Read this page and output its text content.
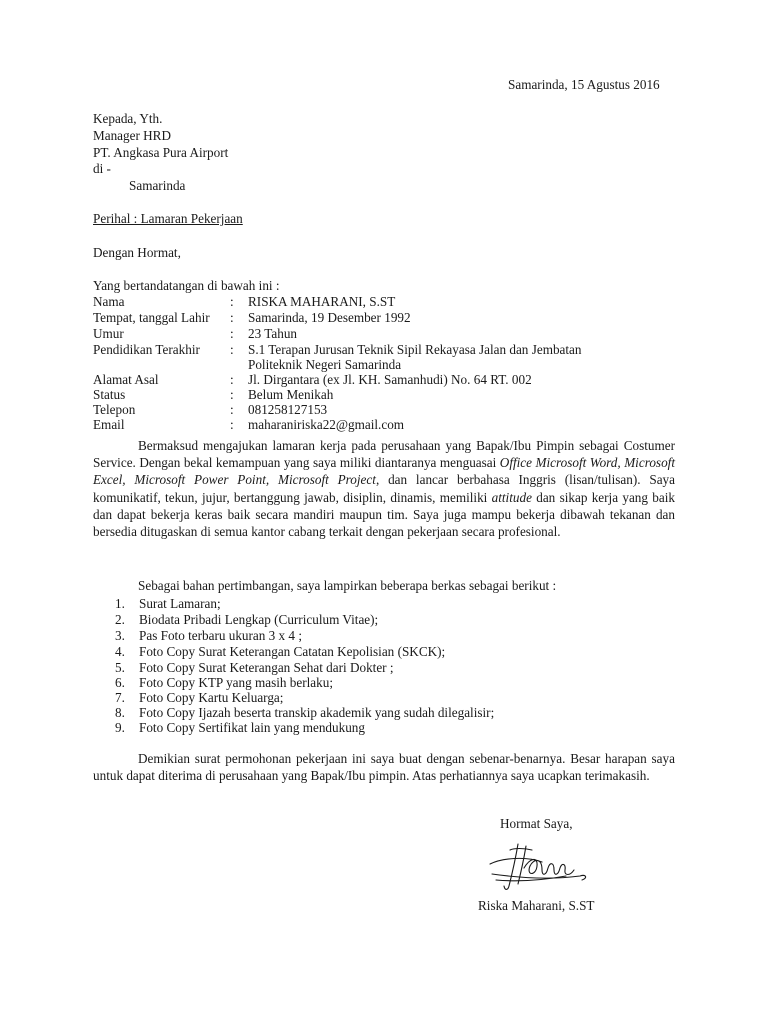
Samarinda, 15 Agustus 2016
Kepada, Yth.
Manager HRD
PT. Angkasa Pura Airport
di -
Samarinda
Perihal : Lamaran Pekerjaan
Dengan Hormat,
Yang bertandatangan di bawah ini :
Nama	: RISKA MAHARANI, S.ST
Tempat, tanggal Lahir : Samarinda, 19 Desember 1992
Umur	: 23 Tahun
Pendidikan Terakhir : S.1 Terapan Jurusan Teknik Sipil Rekayasa Jalan dan Jembatan
Politeknik Negeri Samarinda
Alamat Asal	: Jl. Dirgantara (ex Jl. KH. Samanhudi) No. 64 RT. 002
Status	: Belum Menikah
Telepon	: 081258127153
Email	: maharaniriska22@gmail.com
Bermaksud mengajukan lamaran kerja pada perusahaan yang Bapak/Ibu Pimpin sebagai Costumer Service. Dengan bekal kemampuan yang saya miliki diantaranya menguasai Office Microsoft Word, Microsoft Excel, Microsoft Power Point, Microsoft Project, dan lancar berbahasa Inggris (lisan/tulisan). Saya komunikatif, tekun, jujur, bertanggung jawab, disiplin, dinamis, memiliki attitude dan sikap kerja yang baik dan dapat bekerja keras baik secara mandiri maupun tim. Saya juga mampu bekerja dibawah tekanan dan bersedia ditugaskan di semua kantor cabang terkait dengan pekerjaan secara profesional.
Sebagai bahan pertimbangan, saya lampirkan beberapa berkas sebagai berikut :
1. Surat Lamaran;
2. Biodata Pribadi Lengkap (Curriculum Vitae);
3. Pas Foto terbaru ukuran 3 x 4 ;
4. Foto Copy Surat Keterangan Catatan Kepolisian (SKCK);
5. Foto Copy Surat Keterangan Sehat dari Dokter ;
6. Foto Copy KTP yang masih berlaku;
7. Foto Copy Kartu Keluarga;
8. Foto Copy Ijazah beserta transkip akademik yang sudah dilegalisir;
9. Foto Copy Sertifikat lain yang mendukung
Demikian surat permohonan pekerjaan ini saya buat dengan sebenar-benarnya. Besar harapan saya untuk dapat diterima di perusahaan yang Bapak/Ibu pimpin. Atas perhatiannya saya ucapkan terimakasih.
Hormat Saya,
Riska Maharani, S.ST
